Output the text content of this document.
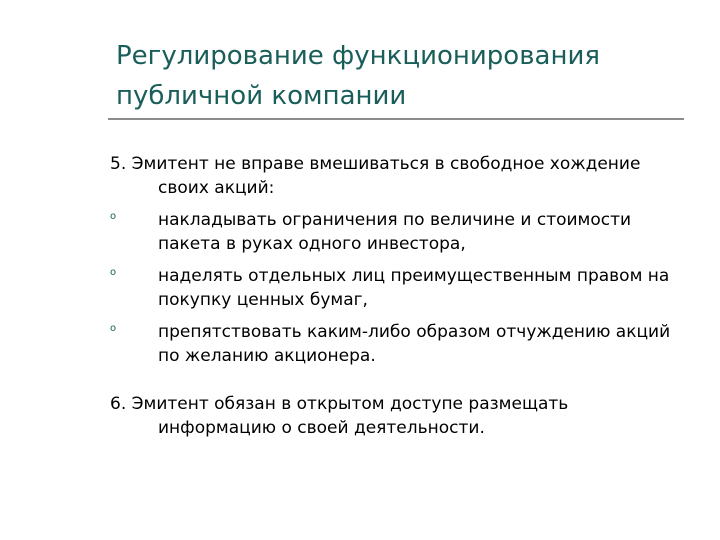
Регулирование функционирования публичной компании

5. Эмитент не вправе вмешиваться в свободное хождение своих акций:

o накладывать ограничения по величине и стоимости пакета в руках одного инвестора,
o наделять отдельных лиц преимущественным правом на покупку ценных бумаг,
o препятствовать каким-либо образом отчуждению акций по желанию акционера.

6. Эмитент обязан в открытом доступе размещать информацию о своей деятельности.
